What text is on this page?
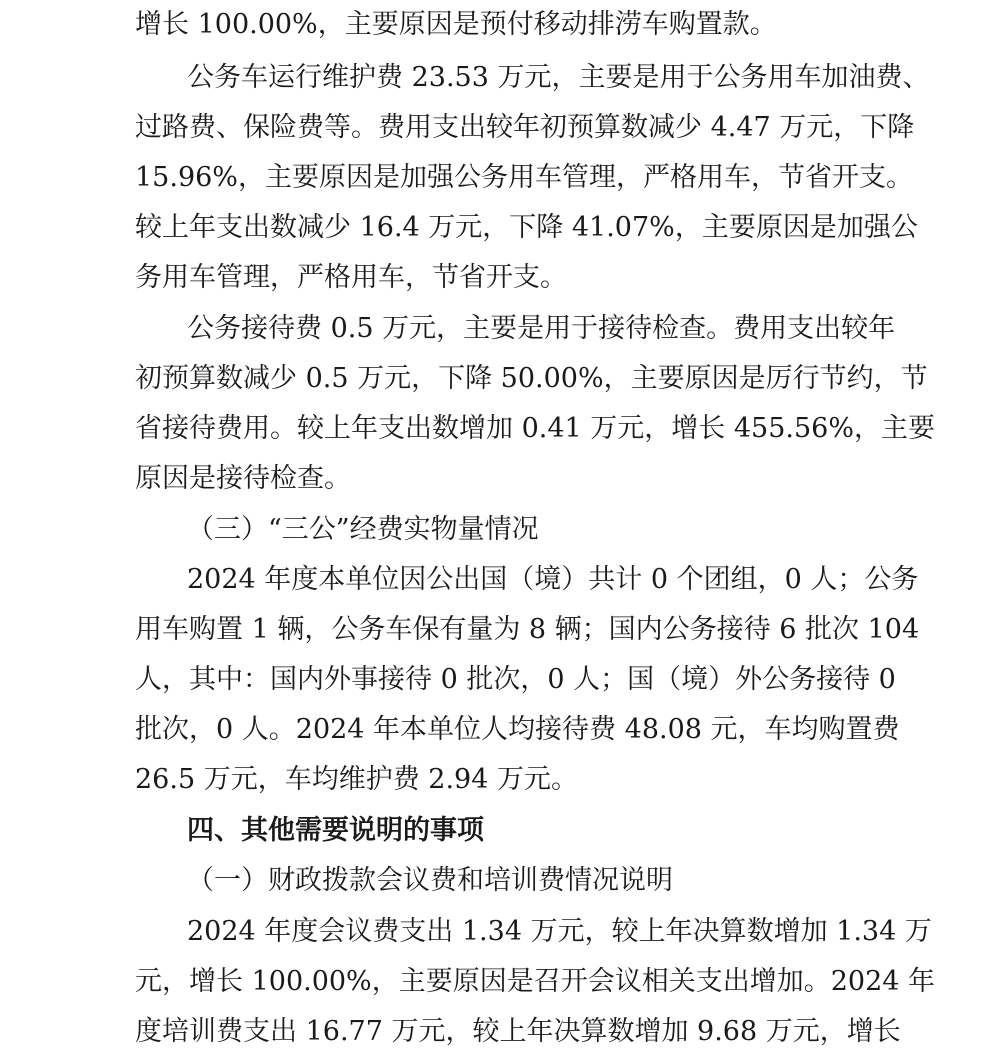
增长 100.00%，主要原因是预付移动排涝车购置款。
公务车运行维护费 23.53 万元，主要是用于公务用车加油费、
过路费、保险费等。费用支出较年初预算数减少 4.47 万元，下降
15.96%，主要原因是加强公务用车管理，严格用车，节省开支。
较上年支出数减少 16.4 万元，下降 41.07%，主要原因是加强公
务用车管理，严格用车，节省开支。
公务接待费 0.5 万元，主要是用于接待检查。费用支出较年
初预算数减少 0.5 万元，下降 50.00%，主要原因是厉行节约，节
省接待费用。较上年支出数增加 0.41 万元，增长 455.56%，主要
原因是接待检查。
（三）“三公”经费实物量情况
2024 年度本单位因公出国（境）共计 0 个团组，0 人；公务
用车购置 1 辆，公务车保有量为 8 辆；国内公务接待 6 批次 104
人，其中：国内外事接待 0 批次，0 人；国（境）外公务接待 0
批次，0 人。2024 年本单位人均接待费 48.08 元，车均购置费
26.5 万元，车均维护费 2.94 万元。
四、其他需要说明的事项
（一）财政拨款会议费和培训费情况说明
2024 年度会议费支出 1.34 万元，较上年决算数增加 1.34 万
元，增长 100.00%，主要原因是召开会议相关支出增加。2024 年
度培训费支出 16.77 万元，较上年决算数增加 9.68 万元，增长
